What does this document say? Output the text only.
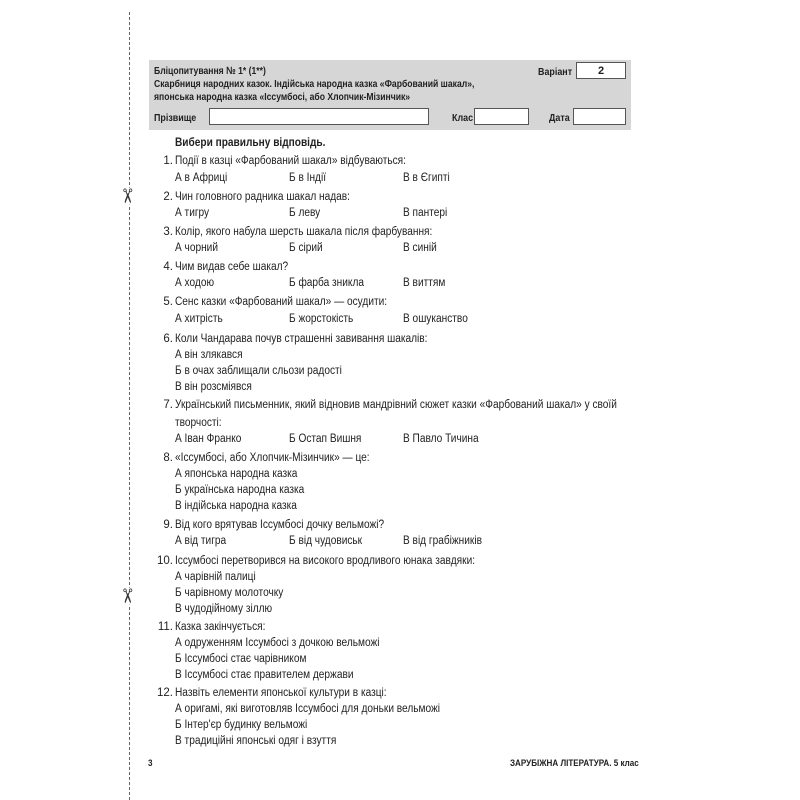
✂
✂
Бліцопитування № 1* (1**)
Скарбниця народних казок. Індійська народна казка «Фарбований шакал»,
японська народна казка «Іссумбосі, або Хлопчик-Мізинчик»
Варіант	2
Прізвище	Клас	Дата
Вибери правильну відповідь.
1. Події в казці «Фарбований шакал» відбуваються:
А в Африці	Б в Індії	В в Єгипті
2. Чин головного радника шакал надав:
А тигру	Б леву	В пантері
3. Колір, якого набула шерсть шакала після фарбування:
А чорний	Б сірий	В синій
4. Чим видав себе шакал?
А ходою	Б фарба зникла	В виттям
5. Сенс казки «Фарбований шакал» — осудити:
А хитрість	Б жорстокість	В ошуканство
6. Коли Чандарава почув страшенні завивання шакалів:
А він злякався
Б в очах заблищали сльози радості
В він розсміявся
7. Український письменник, який відновив мандрівний сюжет казки «Фарбований шакал» у своїй
творчості:
А Іван Франко	Б Остап Вишня	В Павло Тичина
8. «Іссумбосі, або Хлопчик-Мізинчик» — це:
А японська народна казка
Б українська народна казка
В індійська народна казка
9. Від кого врятував Іссумбосі дочку вельможі?
А від тигра	Б від чудовиськ	В від грабіжників
10. Іссумбосі перетворився на високого вродливого юнака завдяки:
А чарівній палиці
Б чарівному молоточку
В чудодійному зіллю
11. Казка закінчується:
А одруженням Іссумбосі з дочкою вельможі
Б Іссумбосі стає чарівником
В Іссумбосі стає правителем держави
12. Назвіть елементи японської культури в казці:
А оригамі, які виготовляв Іссумбосі для доньки вельможі
Б Інтер'єр будинку вельможі
В традиційні японські одяг і взуття
3	ЗАРУБІЖНА ЛІТЕРАТУРА. 5 клас
